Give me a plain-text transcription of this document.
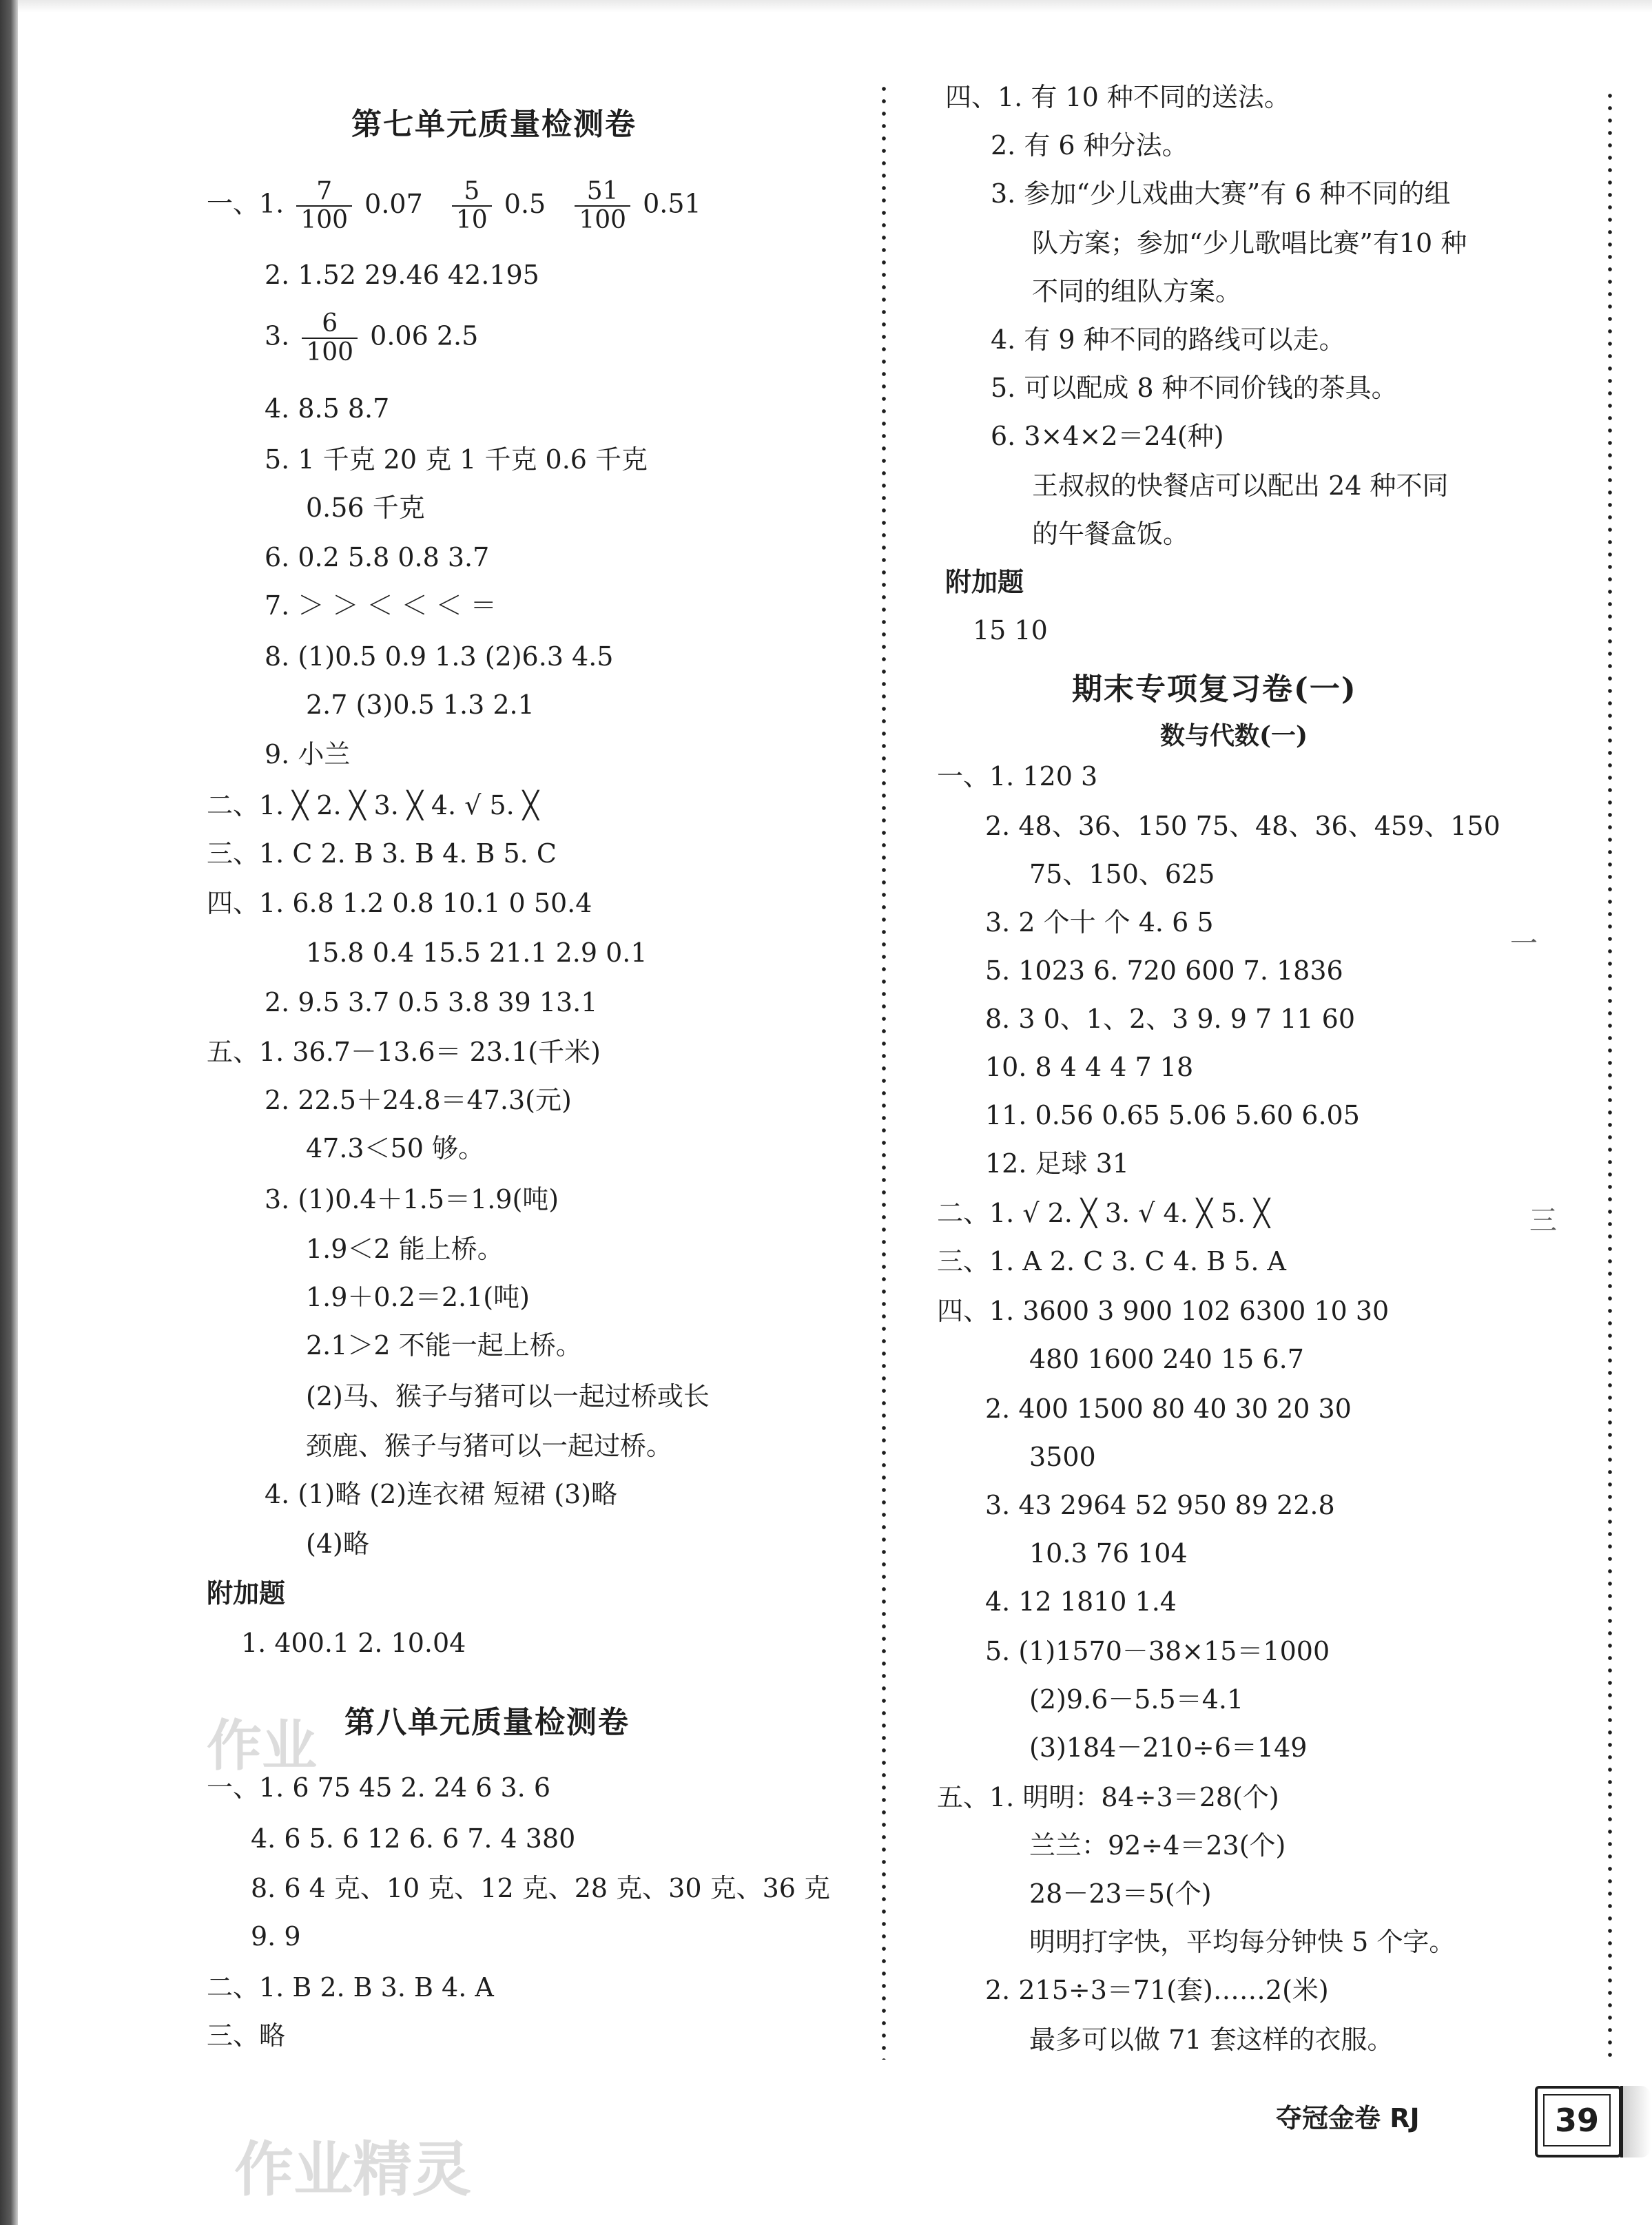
作业
作业精灵
一
三
第七单元质量检测卷
一、1. $\frac{7}{100} 0.07 \frac{5}{10} 0.5 \frac{51}{100} 0.51$
2. 1.52 29.46 42.195
3. $\frac{6}{100} 0.06$ 2.5
4. 8.5 8.7
5. 1 千克 20 克 1 千克 0.6 千克
0.56 千克
6. 0.2 5.8 0.8 3.7
7. ＞ ＞ ＜ ＜ ＜ ＝
8. (1)0.5 0.9 1.3 (2)6.3 4.5
2.7 (3)0.5 1.3 2.1
9. 小兰
二、1. ╳ 2. ╳ 3. ╳ 4. √ 5. ╳
三、1. C 2. B 3. B 4. B 5. C
四、1. 6.8 1.2 0.8 10.1 0 50.4
15.8 0.4 15.5 21.1 2.9 0.1
2. 9.5 3.7 0.5 3.8 39 13.1
五、1. 36.7－13.6＝ 23.1(千米)
2. 22.5＋24.8＝47.3(元)
47.3＜50 够。
3. (1)0.4＋1.5＝1.9(吨)
1.9＜2 能上桥。
1.9＋0.2＝2.1(吨)
2.1＞2 不能一起上桥。
(2)马、猴子与猪可以一起过桥或长
颈鹿、猴子与猪可以一起过桥。
4. (1)略 (2)连衣裙 短裙 (3)略
(4)略
附加题
1. 400.1 2. 10.04
第八单元质量检测卷
一、1. 6 75 45 2. 24 6 3. 6
4. 6 5. 6 12 6. 6 7. 4 380
8. 6 4 克、10 克、12 克、28 克、30 克、36 克
9. 9
二、1. B 2. B 3. B 4. A
三、略
四、1. 有 10 种不同的送法。
2. 有 6 种分法。
3. 参加“少儿戏曲大赛”有 6 种不同的组
队方案；参加“少儿歌唱比赛”有10 种
不同的组队方案。
4. 有 9 种不同的路线可以走。
5. 可以配成 8 种不同价钱的茶具。
6. 3×4×2＝24(种)
王叔叔的快餐店可以配出 24 种不同
的午餐盒饭。
附加题
15 10
期末专项复习卷(一)
数与代数(一)
一、1. 120 3
2. 48、36、150 75、48、36、459、150
75、150、625
3. 2 个十 个 4. 6 5
5. 1023 6. 720 600 7. 1836
8. 3 0、1、2、3 9. 9 7 11 60
10. 8 4 4 4 7 18
11. 0.56 0.65 5.06 5.60 6.05
12. 足球 31
二、1. √ 2. ╳ 3. √ 4. ╳ 5. ╳
三、1. A 2. C 3. C 4. B 5. A
四、1. 3600 3 900 102 6300 10 30
480 1600 240 15 6.7
2. 400 1500 80 40 30 20 30
3500
3. 43 2964 52 950 89 22.8
10.3 76 104
4. 12 1810 1.4
5. (1)1570－38×15＝1000
(2)9.6－5.5＝4.1
(3)184－210÷6＝149
五、1. 明明：84÷3＝28(个)
兰兰：92÷4＝23(个)
28－23＝5(个)
明明打字快，平均每分钟快 5 个字。
2. 215÷3＝71(套)……2(米)
最多可以做 71 套这样的衣服。
夺冠金卷 RJ	39
